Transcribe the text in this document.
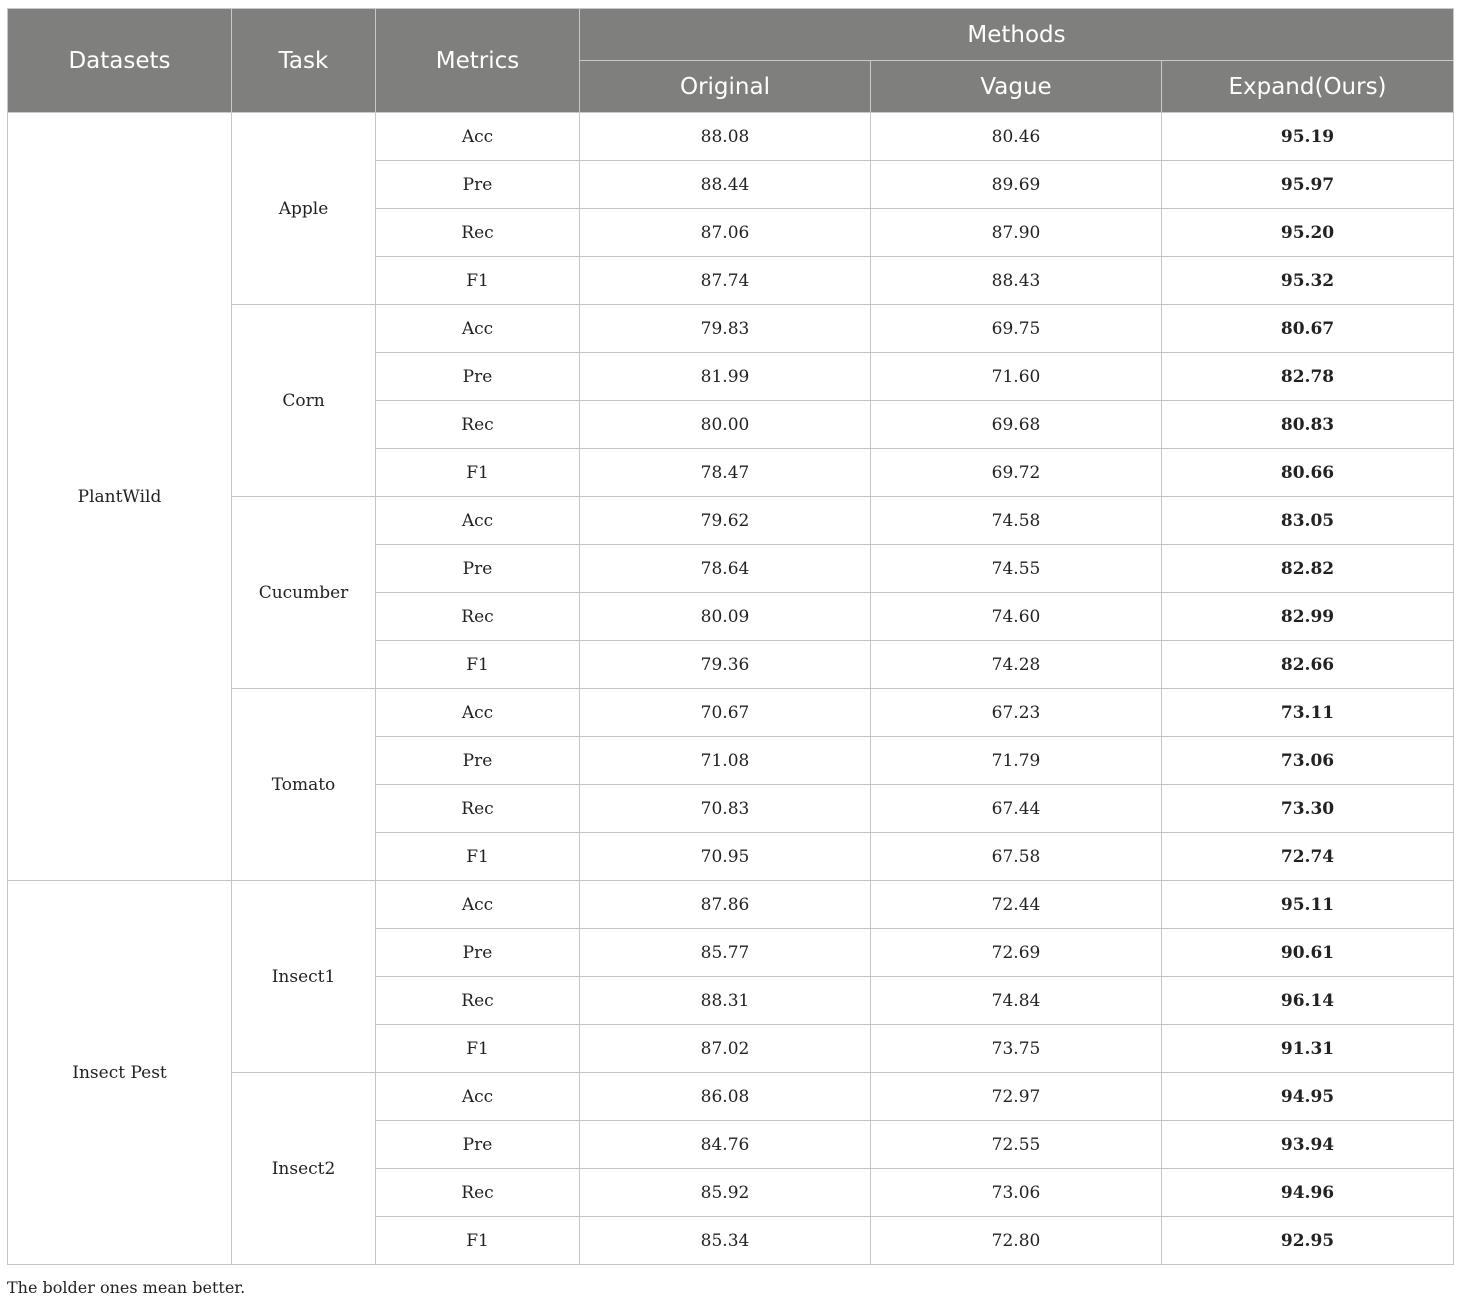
Datasets	Task	Metrics	Methods		
			Original	Vague	Expand(Ours)
PlantWild	Apple	Acc	88.08	80.46	95.19
		Pre	88.44	89.69	95.97
		Rec	87.06	87.90	95.20
		F1	87.74	88.43	95.32
	Corn	Acc	79.83	69.75	80.67
		Pre	81.99	71.60	82.78
		Rec	80.00	69.68	80.83
		F1	78.47	69.72	80.66
	Cucumber	Acc	79.62	74.58	83.05
		Pre	78.64	74.55	82.82
		Rec	80.09	74.60	82.99
		F1	79.36	74.28	82.66
	Tomato	Acc	70.67	67.23	73.11
		Pre	71.08	71.79	73.06
		Rec	70.83	67.44	73.30
		F1	70.95	67.58	72.74
Insect Pest	Insect1	Acc	87.86	72.44	95.11
		Pre	85.77	72.69	90.61
		Rec	88.31	74.84	96.14
		F1	87.02	73.75	91.31
	Insect2	Acc	86.08	72.97	94.95
		Pre	84.76	72.55	93.94
		Rec	85.92	73.06	94.96
		F1	85.34	72.80	92.95
The bolder ones mean better.
